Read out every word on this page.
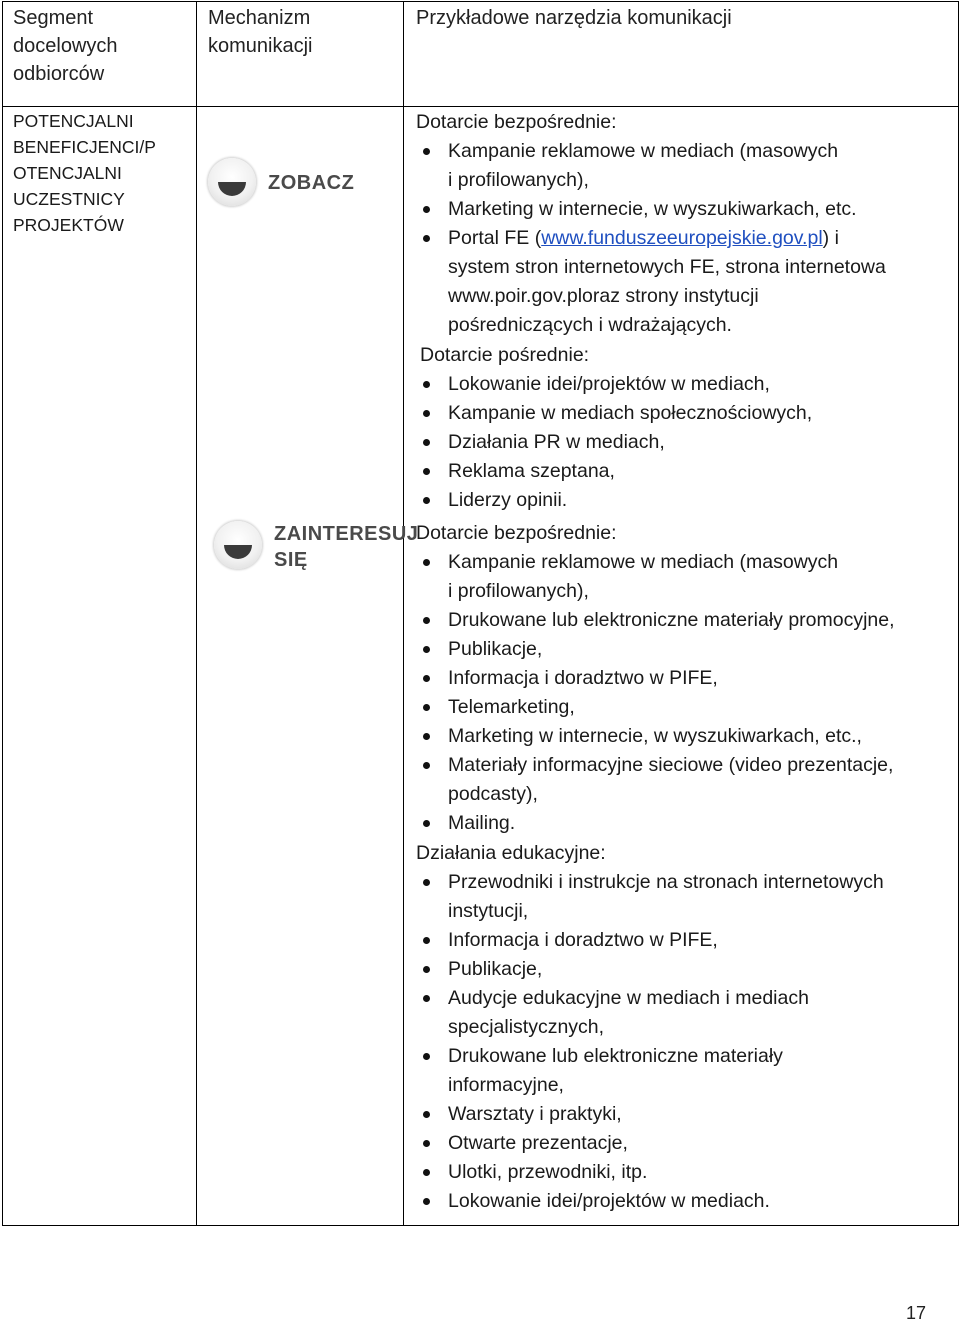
Segment docelowych odbiorców
Mechanizm komunikacji
Przykładowe narzędzia komunikacji
POTENCJALNI BENEFICJENCI/P OTENCJALNI UCZESTNICY PROJEKTÓW
ZOBACZ
ZAINTERESUJ
SIĘ
Dotarcie bezpośrednie:
Kampanie reklamowe w mediach (masowych
i profilowanych),
Marketing w internecie, w wyszukiwarkach, etc.
Portal FE (www.funduszeeuropejskie.gov.pl) i
system stron internetowych FE, strona internetowa
www.poir.gov.ploraz strony instytucji
pośredniczących i wdrażających.
Dotarcie pośrednie:
Lokowanie idei/projektów w mediach,
Kampanie w mediach społecznościowych,
Działania PR w mediach,
Reklama szeptana,
Liderzy opinii.
Dotarcie bezpośrednie:
Kampanie reklamowe w mediach (masowych
i profilowanych),
Drukowane lub elektroniczne materiały promocyjne,
Publikacje,
Informacja i doradztwo w PIFE,
Telemarketing,
Marketing w internecie, w wyszukiwarkach, etc.,
Materiały informacyjne sieciowe (video prezentacje,
podcasty),
Mailing.
Działania edukacyjne:
Przewodniki i instrukcje na stronach internetowych
instytucji,
Informacja i doradztwo w PIFE,
Publikacje,
Audycje edukacyjne w mediach i mediach
specjalistycznych,
Drukowane lub elektroniczne materiały
informacyjne,
Warsztaty i praktyki,
Otwarte prezentacje,
Ulotki, przewodniki, itp.
Lokowanie idei/projektów w mediach.
17
